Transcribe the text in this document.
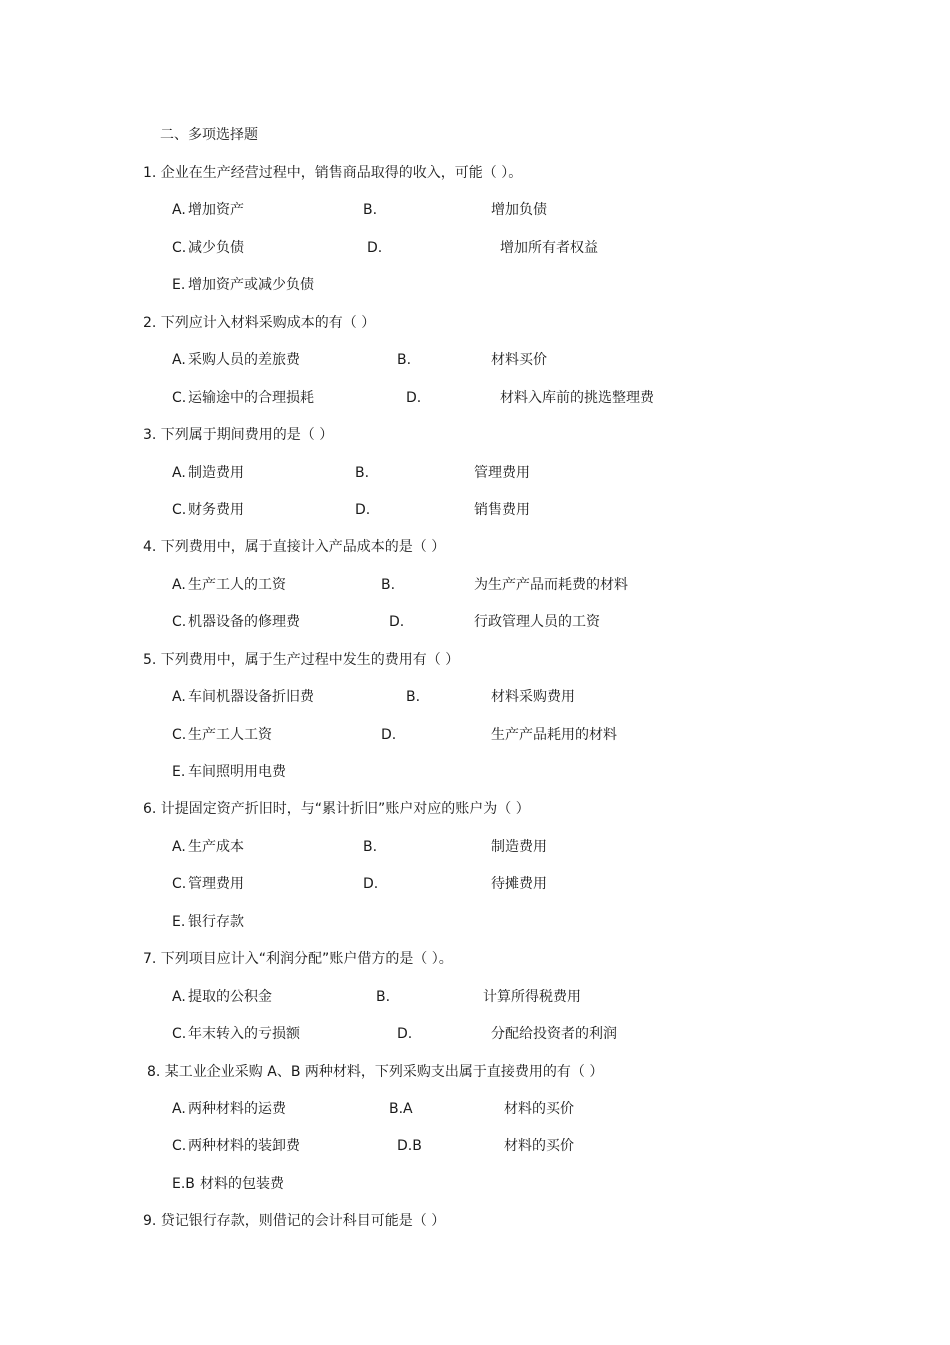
二、多项选择题
1. 企业在生产经营过程中，销售商品取得的收入，可能（ ）。
A. 增加资产	B.	增加负债
C. 减少负债	D.	增加所有者权益
E. 增加资产或减少负债
2. 下列应计入材料采购成本的有（ ）
A. 采购人员的差旅费	B.	材料买价
C. 运输途中的合理损耗	D.	材料入库前的挑选整理费
3. 下列属于期间费用的是（ ）
A. 制造费用	B.	管理费用
C. 财务费用	D.	销售费用
4. 下列费用中，属于直接计入产品成本的是（ ）
A. 生产工人的工资	B.	为生产产品而耗费的材料
C. 机器设备的修理费	D.	行政管理人员的工资
5. 下列费用中，属于生产过程中发生的费用有（ ）
A. 车间机器设备折旧费	B.	材料采购费用
C. 生产工人工资	D.	生产产品耗用的材料
E. 车间照明用电费
6. 计提固定资产折旧时，与“累计折旧”账户对应的账户为（ ）
A. 生产成本	B.	制造费用
C. 管理费用	D.	待摊费用
E. 银行存款
7. 下列项目应计入“利润分配”账户借方的是（ ）。
A. 提取的公积金	B.	计算所得税费用
C. 年末转入的亏损额	D.	分配给投资者的利润
8. 某工业企业采购 A、B 两种材料，下列采购支出属于直接费用的有（ ）
A. 两种材料的运费	B.A	材料的买价
C. 两种材料的装卸费	D.B	材料的买价
E.B 材料的包装费
9. 贷记银行存款，则借记的会计科目可能是（ ）
